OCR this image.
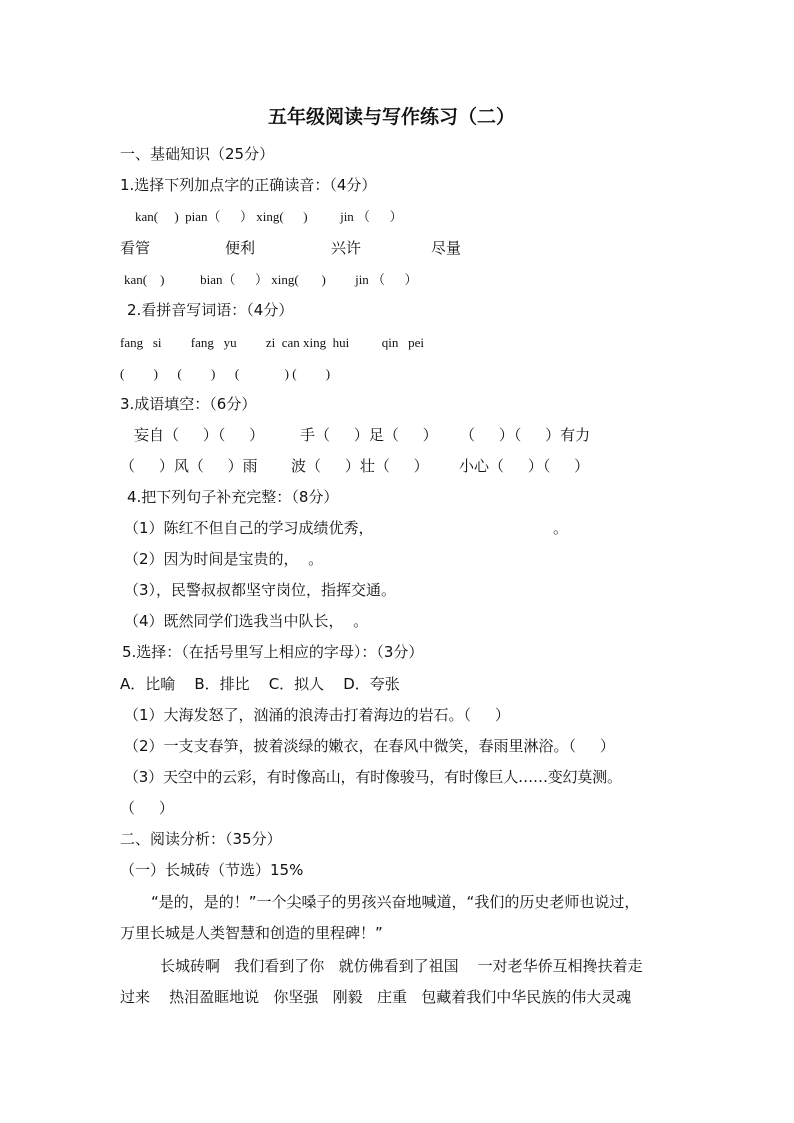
五年级阅读与写作练习（二）
一、基础知识（25分）
1.选择下列加点字的正确读音：（4分）
kan(     )  pian（      ） xing(      )          jin （      ）
看管	便利	兴许	尽量
kan(    )           bian（      ） xing(       )         jin （      ）
2.看拼音写词语：（4分）
fang   si         fang   yu         zi  can xing  hui          qin   pei
(         )      (         )      (              ) (         )
3.成语填空：（6分）
妄自（     ）（     ） 手（     ）足（     ） （     ）（     ）有力
（     ）风（     ）雨 波（     ）壮（     ） 小心（     ）（     ）
4.把下列句子补充完整：（8分）
（1）陈红不但自己的学习成绩优秀，	。
（2）因为时间是宝贵的，  。
（3），民警叔叔都坚守岗位，指挥交通。
（4）既然同学们选我当中队长，  。
5.选择：（在括号里写上相应的字母）：（3分）
A．比喻    B．排比    C．拟人    D．夸张
（1）大海发怒了，汹涌的浪涛击打着海边的岩石。（     ）
（2）一支支春笋，披着淡绿的嫩衣，在春风中微笑，春雨里淋浴。（     ）
（3）天空中的云彩，有时像高山，有时像骏马，有时像巨人……变幻莫测。
（     ）
二、阅读分析：（35分）
（一）长城砖（节选）15%
“是的，是的！”一个尖嗓子的男孩兴奋地喊道，“我们的历史老师也说过，
万里长城是人类智慧和创造的里程碑！”
长城砖啊   我们看到了你   就仿佛看到了祖国    一对老华侨互相搀扶着走
过来    热泪盈眶地说   你坚强   刚毅   庄重   包藏着我们中华民族的伟大灵魂
